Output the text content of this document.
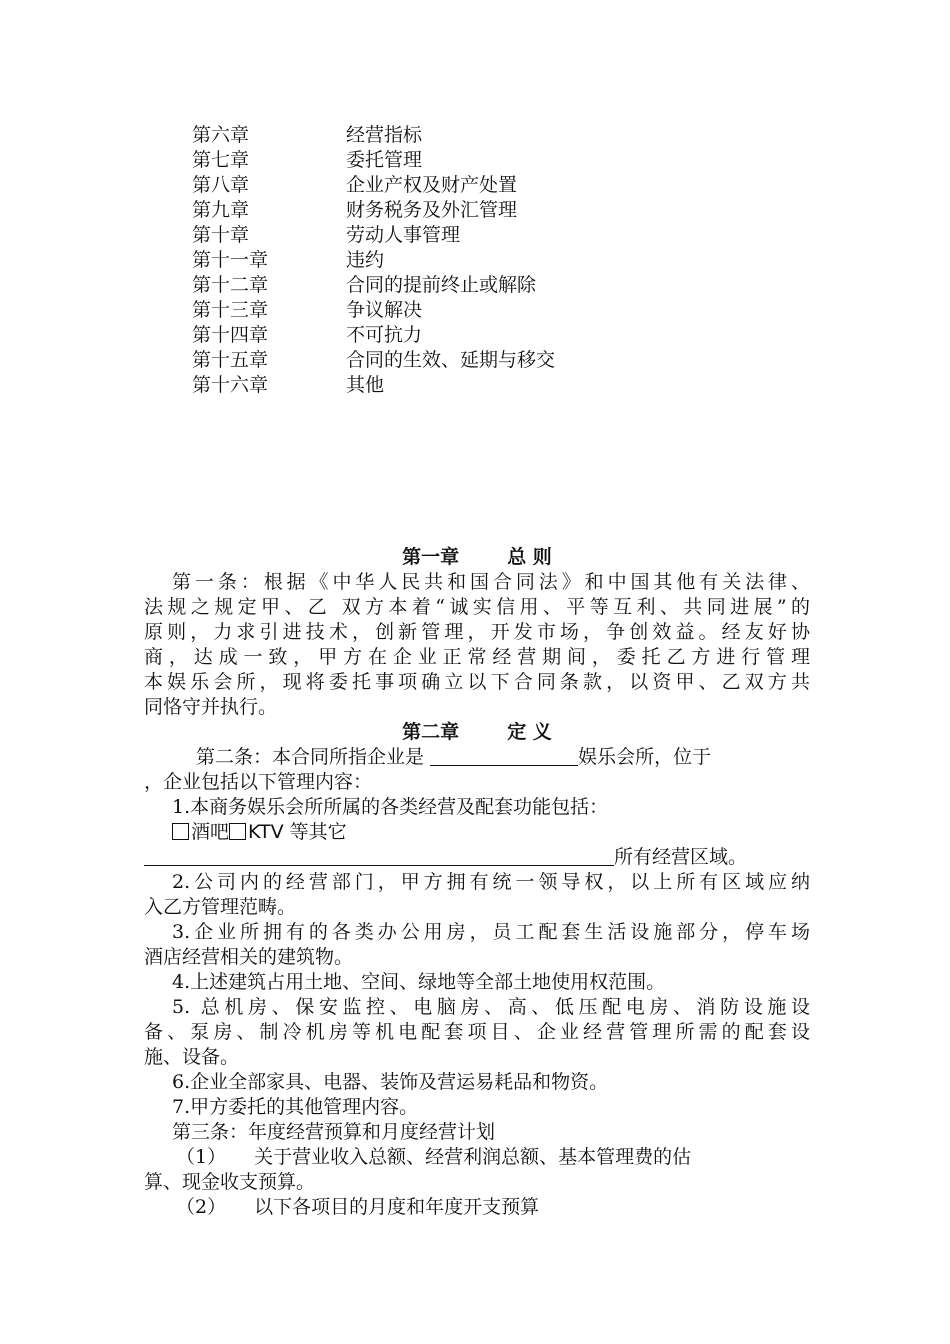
第六章	经营指标
第七章	委托管理
第八章	企业产权及财产处置
第九章	财务税务及外汇管理
第十章	劳动人事管理
第十一章	违约
第十二章	合同的提前终止或解除
第十三章	争议解决
第十四章	不可抗力
第十五章	合同的生效、延期与移交
第十六章	其他
第一章	总 则
第一条：根据《中华人民共和国合同法》和中国其他有关法律、
法规之规定甲、乙 双方本着“诚实信用、平等互利、共同进展”的
原则，力求引进技术，创新管理，开发市场，争创效益。经友好协
商，达成一致，甲方在企业正常经营期间，委托乙方进行管理
本娱乐会所，现将委托事项确立以下合同条款，以资甲、乙双方共
同恪守并执行。
第二章	定 义
第二条：本合同所指企业是	娱乐会所，位于
，企业包括以下管理内容：
1.本商务娱乐会所所属的各类经营及配套功能包括：
酒吧 KTV 等其它
所有经营区域。
2.公司内的经营部门，甲方拥有统一领导权，以上所有区域应纳
入乙方管理范畴。
3.企业所拥有的各类办公用房，员工配套生活设施部分，停车场
酒店经营相关的建筑物。
4.上述建筑占用土地、空间、绿地等全部土地使用权范围。
5. 总机房、保安监控、电脑房、高、低压配电房、消防设施设
备、泵房、制冷机房等机电配套项目、企业经营管理所需的配套设
施、设备。
6.企业全部家具、电器、装饰及营运易耗品和物资。
7.甲方委托的其他管理内容。
第三条：年度经营预算和月度经营计划
（1） 关于营业收入总额、经营利润总额、基本管理费的估
算、现金收支预算。
（2） 以下各项目的月度和年度开支预算
